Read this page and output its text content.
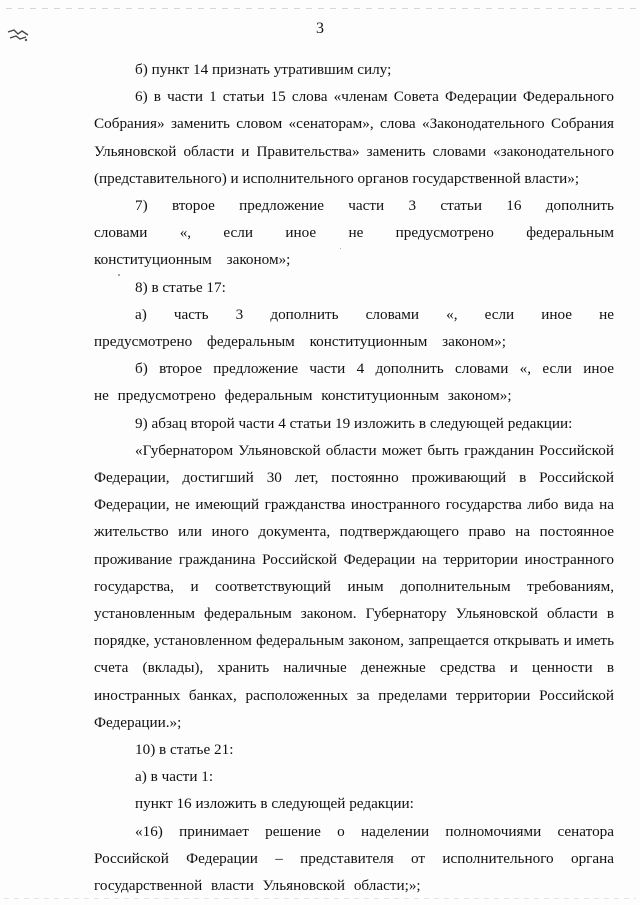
3

б) пункт 14 признать утратившим силу;

6) в части 1 статьи 15 слова «членам Совета Федерации Федерального Собрания» заменить словом «сенаторам», слова «Законодательного Собрания Ульяновской области и Правительства» заменить словами «законодательного (представительного) и исполнительного органов государственной власти»;

7) второе предложение части 3 статьи 16 дополнить словами «, если иное не предусмотрено федеральным конституционным законом»;

8) в статье 17:

а) часть 3 дополнить словами «, если иное не предусмотрено федеральным конституционным законом»;

б) второе предложение части 4 дополнить словами «, если иное не предусмотрено федеральным конституционным законом»;

9) абзац второй части 4 статьи 19 изложить в следующей редакции:

«Губернатором Ульяновской области может быть гражданин Российской Федерации, достигший 30 лет, постоянно проживающий в Российской Федерации, не имеющий гражданства иностранного государства либо вида на жительство или иного документа, подтверждающего право на постоянное проживание гражданина Российской Федерации на территории иностранного государства, и соответствующий иным дополнительным требованиям, установленным федеральным законом. Губернатору Ульяновской области в порядке, установленном федеральным законом, запрещается открывать и иметь счета (вклады), хранить наличные денежные средства и ценности в иностранных банках, расположенных за пределами территории Российской Федерации.»;

10) в статье 21:

а) в части 1:

пункт 16 изложить в следующей редакции:

«16) принимает решение о наделении полномочиями сенатора Российской Федерации – представителя от исполнительного органа государственной власти Ульяновской области;»;
